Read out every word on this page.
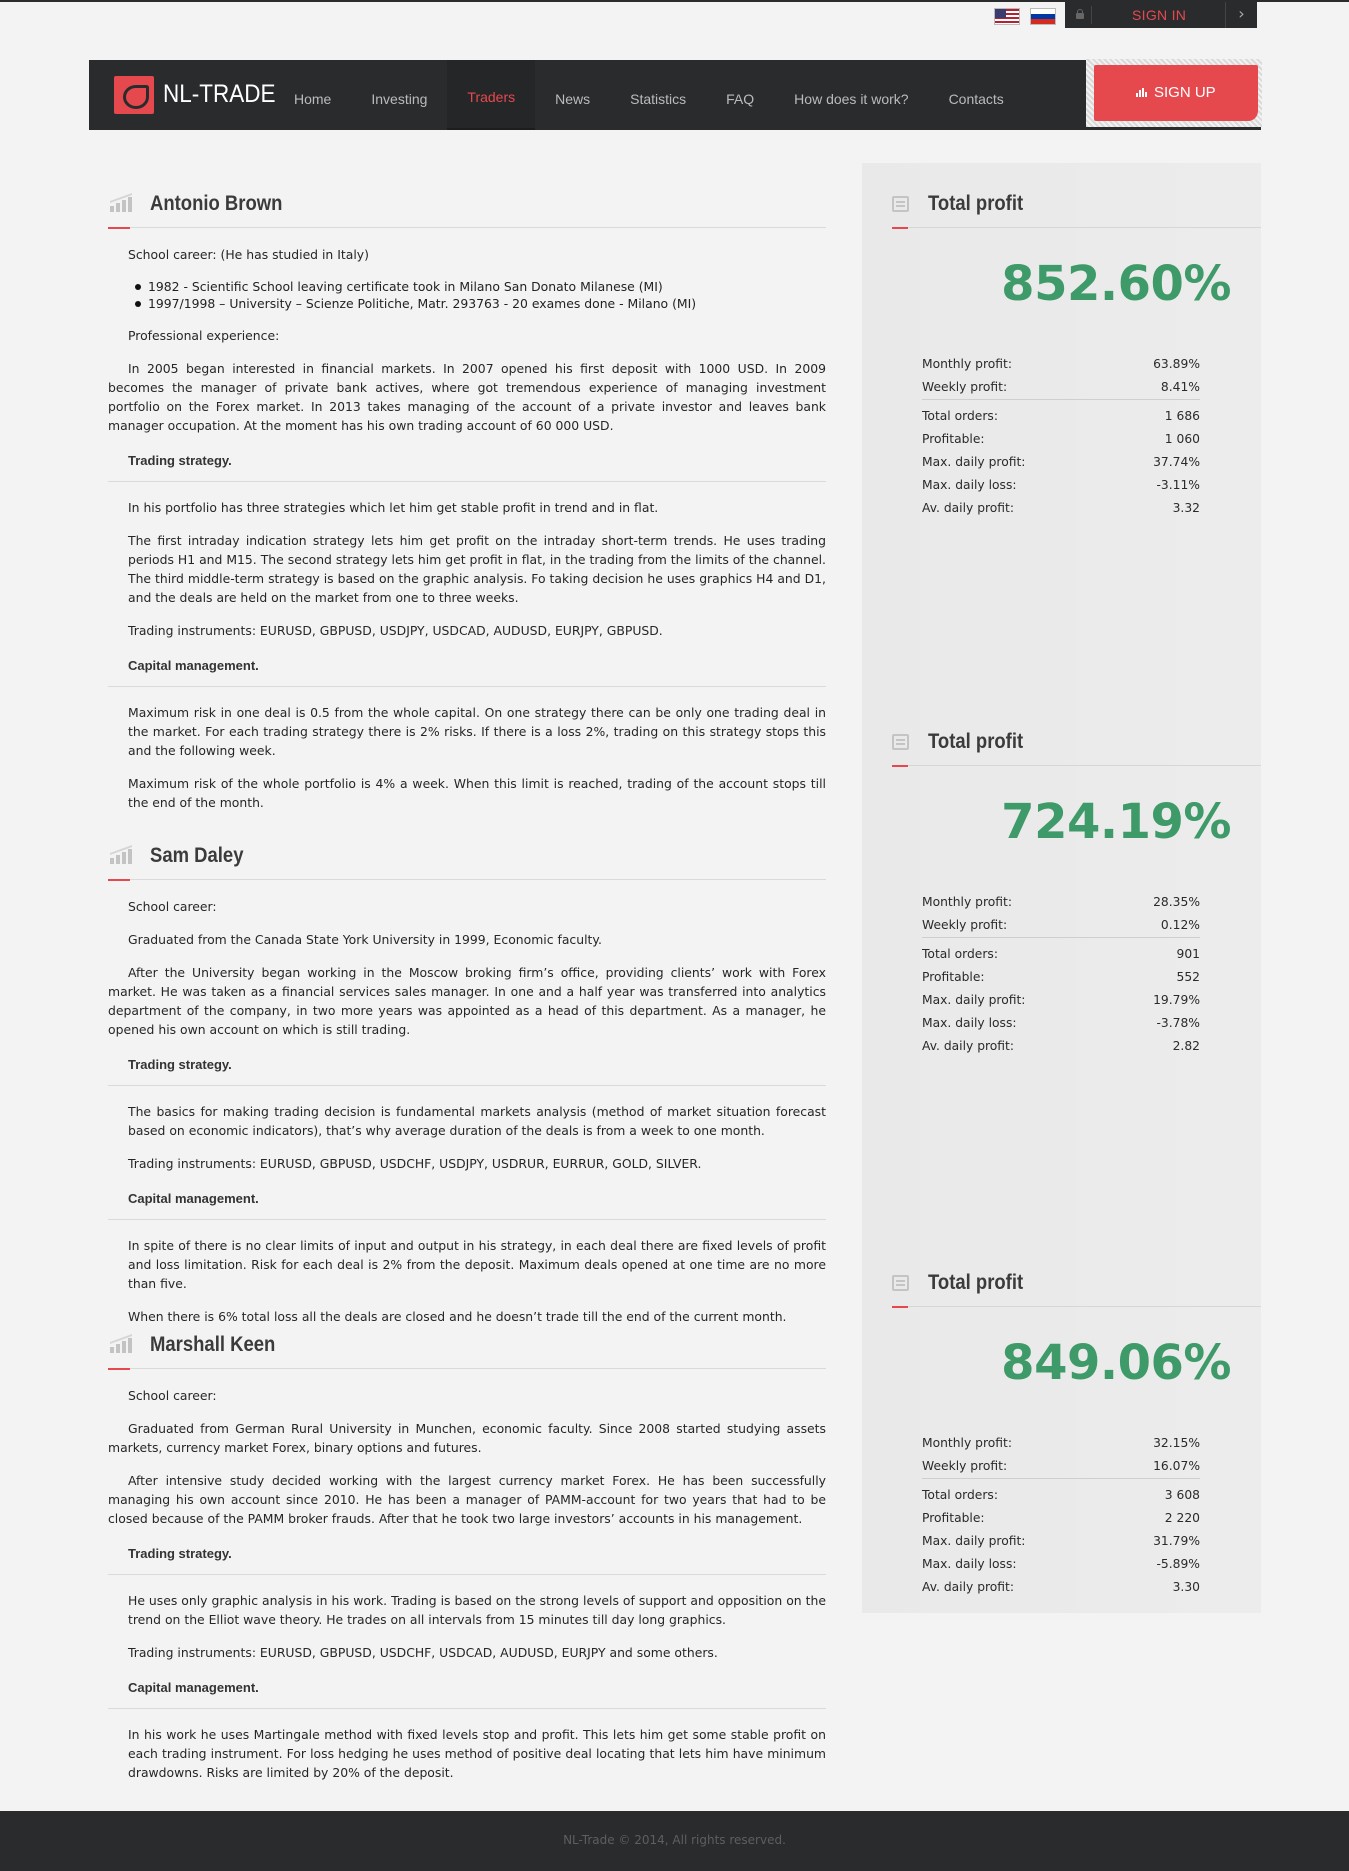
SIGN IN	›
NL-TRADE	Home	Investing	Traders	News	Statistics	FAQ	How does it work?	Contacts	SIGN UP
Antonio Brown

School career: (He has studied in Italy)

1982 - Scientific School leaving certificate took in Milano San Donato Milanese (MI)
1997/1998 – University – Scienze Politiche, Matr. 293763 - 20 exames done - Milano (MI)

Professional experience:

In 2005 began interested in financial markets. In 2007 opened his first deposit with 1000 USD. In 2009 becomes the manager of private bank actives, where got tremendous experience of managing investment portfolio on the Forex market. In 2013 takes managing of the account of a private investor and leaves bank manager occupation. At the moment has his own trading account of 60 000 USD.

Trading strategy.

In his portfolio has three strategies which let him get stable profit in trend and in flat.

The first intraday indication strategy lets him get profit on the intraday short-term trends. He uses trading periods H1 and M15. The second strategy lets him get profit in flat, in the trading from the limits of the channel. The third middle-term strategy is based on the graphic analysis. Fo taking decision he uses graphics H4 and D1, and the deals are held on the market from one to three weeks.

Trading instruments: EURUSD, GBPUSD, USDJPY, USDCAD, AUDUSD, EURJPY, GBPUSD.

Capital management.

Maximum risk in one deal is 0.5 from the whole capital. On one strategy there can be only one trading deal in the market. For each trading strategy there is 2% risks. If there is a loss 2%, trading on this strategy stops this and the following week.

Maximum risk of the whole portfolio is 4% a week. When this limit is reached, trading of the account stops till the end of the month.

Sam Daley

School career:

Graduated from the Canada State York University in 1999, Economic faculty.

After the University began working in the Moscow broking firm’s office, providing clients’ work with Forex market. He was taken as a financial services sales manager. In one and a half year was transferred into analytics department of the company, in two more years was appointed as a head of this department. As a manager, he opened his own account on which is still trading.

Trading strategy.

The basics for making trading decision is fundamental markets analysis (method of market situation forecast based on economic indicators), that’s why average duration of the deals is from a week to one month.

Trading instruments: EURUSD, GBPUSD, USDCHF, USDJPY, USDRUR, EURRUR, GOLD, SILVER.

Capital management.

In spite of there is no clear limits of input and output in his strategy, in each deal there are fixed levels of profit and loss limitation. Risk for each deal is 2% from the deposit. Maximum deals opened at one time are no more than five.

When there is 6% total loss all the deals are closed and he doesn’t trade till the end of the current month.

Marshall Keen

School career:

Graduated from German Rural University in Munchen, economic faculty. Since 2008 started studying assets markets, currency market Forex, binary options and futures.

After intensive study decided working with the largest currency market Forex. He has been successfully managing his own account since 2010. He has been a manager of PAMM-account for two years that had to be closed because of the PAMM broker frauds. After that he took two large investors’ accounts in his management.

Trading strategy.

He uses only graphic analysis in his work. Trading is based on the strong levels of support and opposition on the trend on the Elliot wave theory. He trades on all intervals from 15 minutes till day long graphics.

Trading instruments: EURUSD, GBPUSD, USDCHF, USDCAD, AUDUSD, EURJPY and some others.

Capital management.

In his work he uses Martingale method with fixed levels stop and profit. This lets him get some stable profit on each trading instrument. For loss hedging he uses method of positive deal locating that lets him have minimum drawdowns. Risks are limited by 20% of the deposit.

Total profit
852.60%
Monthly profit:	63.89%
Weekly profit:	8.41%
Total orders:	1 686
Profitable:	1 060
Max. daily profit:	37.74%
Max. daily loss:	-3.11%
Av. daily profit:	3.32
Total profit
724.19%
Monthly profit:	28.35%
Weekly profit:	0.12%
Total orders:	901
Profitable:	552
Max. daily profit:	19.79%
Max. daily loss:	-3.78%
Av. daily profit:	2.82
Total profit
849.06%
Monthly profit:	32.15%
Weekly profit:	16.07%
Total orders:	3 608
Profitable:	2 220
Max. daily profit:	31.79%
Max. daily loss:	-5.89%
Av. daily profit:	3.30
NL-Trade © 2014, All rights reserved.
